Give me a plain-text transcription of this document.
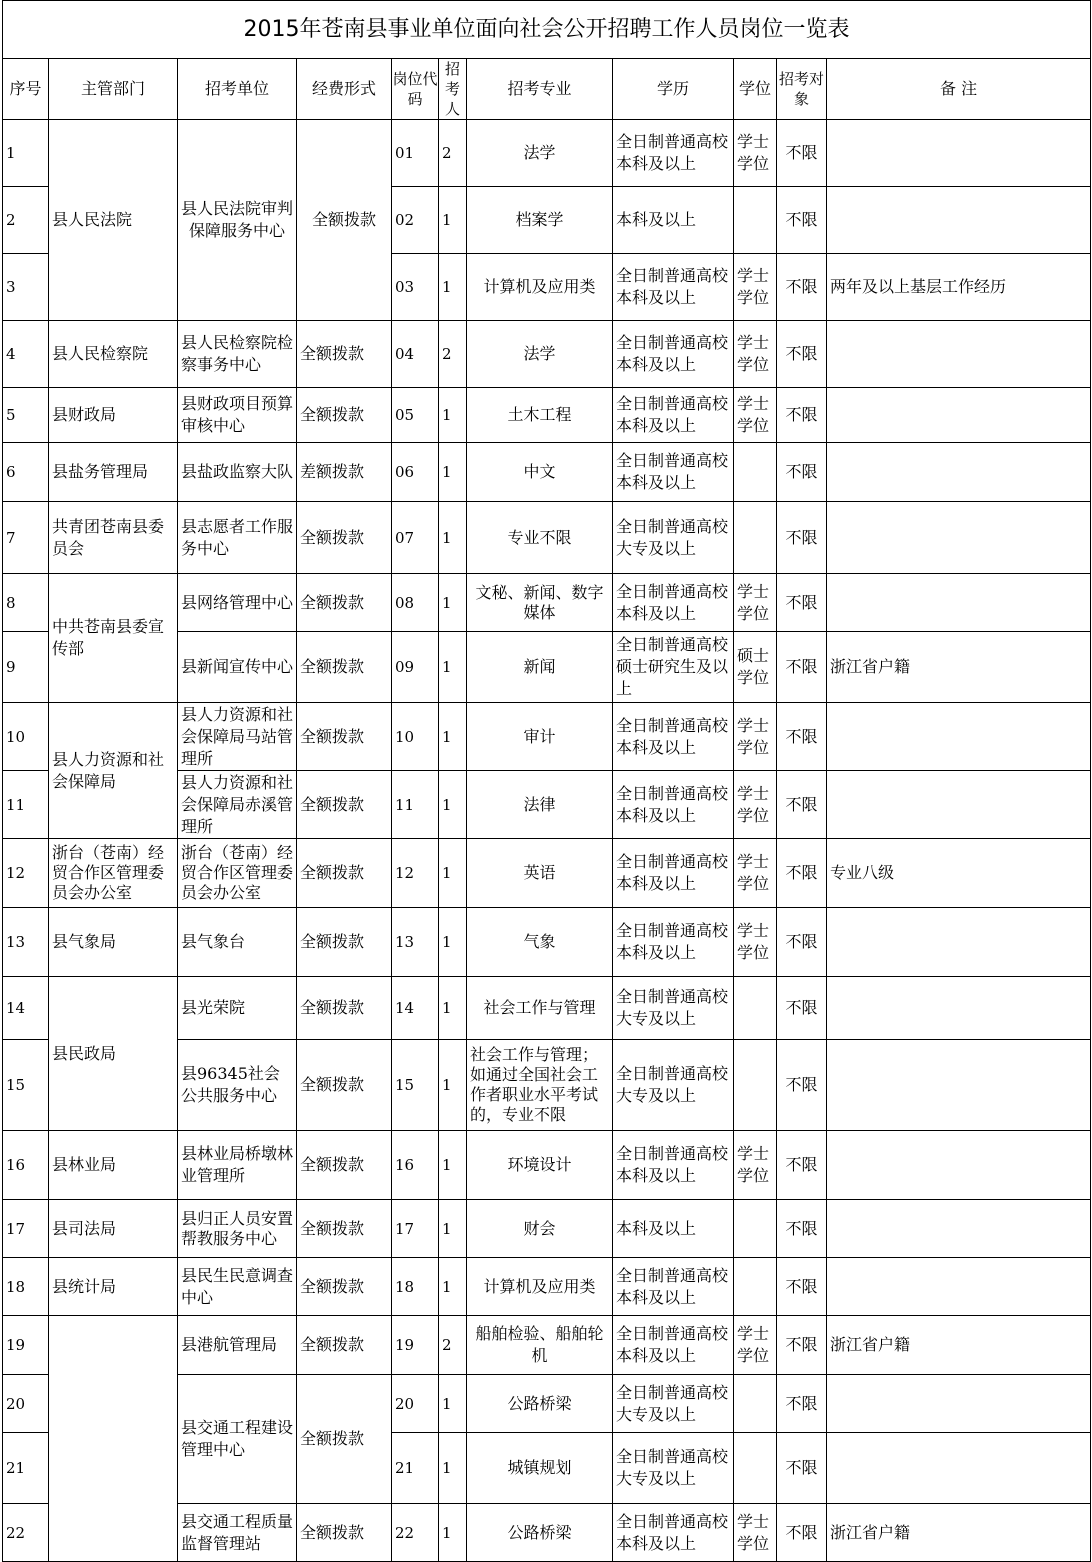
2015年苍南县事业单位面向社会公开招聘工作人员岗位一览表										
序号	主管部门	招考单位	经费形式	岗位代码	招考人	招考专业	学历	学位	招考对象	备 注
1	县人民法院	县人民法院审判保障服务中心	全额拨款	01	2	法学	全日制普通高校本科及以上	学士学位	不限	
2				02	1	档案学	本科及以上		不限	
3				03	1	计算机及应用类	全日制普通高校本科及以上	学士学位	不限	两年及以上基层工作经历
4	县人民检察院	县人民检察院检察事务中心	全额拨款	04	2	法学	全日制普通高校本科及以上	学士学位	不限	
5	县财政局	县财政项目预算审核中心	全额拨款	05	1	土木工程	全日制普通高校本科及以上	学士学位	不限	
6	县盐务管理局	县盐政监察大队	差额拨款	06	1	中文	全日制普通高校本科及以上		不限	
7	共青团苍南县委员会	县志愿者工作服务中心	全额拨款	07	1	专业不限	全日制普通高校大专及以上		不限	
8	中共苍南县委宣传部	县网络管理中心	全额拨款	08	1	文秘、新闻、数字媒体	全日制普通高校本科及以上	学士学位	不限	
9		县新闻宣传中心	全额拨款	09	1	新闻	全日制普通高校硕士研究生及以上	硕士学位	不限	浙江省户籍
10	县人力资源和社会保障局	县人力资源和社会保障局马站管理所	全额拨款	10	1	审计	全日制普通高校本科及以上	学士学位	不限	
11		县人力资源和社会保障局赤溪管理所	全额拨款	11	1	法律	全日制普通高校本科及以上	学士学位	不限	
12	浙台（苍南）经贸合作区管理委员会办公室	浙台（苍南）经贸合作区管理委员会办公室	全额拨款	12	1	英语	全日制普通高校本科及以上	学士学位	不限	专业八级
13	县气象局	县气象台	全额拨款	13	1	气象	全日制普通高校本科及以上	学士学位	不限	
14	县民政局	县光荣院	全额拨款	14	1	社会工作与管理	全日制普通高校大专及以上		不限	
15		县96345社会公共服务中心	全额拨款	15	1	社会工作与管理；如通过全国社会工作者职业水平考试的，专业不限	全日制普通高校大专及以上		不限	
16	县林业局	县林业局桥墩林业管理所	全额拨款	16	1	环境设计	全日制普通高校本科及以上	学士学位	不限	
17	县司法局	县归正人员安置帮教服务中心	全额拨款	17	1	财会	本科及以上		不限	
18	县统计局	县民生民意调查中心	全额拨款	18	1	计算机及应用类	全日制普通高校本科及以上		不限	
19		县港航管理局	全额拨款	19	2	船舶检验、船舶轮机	全日制普通高校本科及以上	学士学位	不限	浙江省户籍
20		县交通工程建设管理中心	全额拨款	20	1	公路桥梁	全日制普通高校大专及以上		不限	
21				21	1	城镇规划	全日制普通高校大专及以上		不限	
22		县交通工程质量监督管理站	全额拨款	22	1	公路桥梁	全日制普通高校本科及以上	学士学位	不限	浙江省户籍
